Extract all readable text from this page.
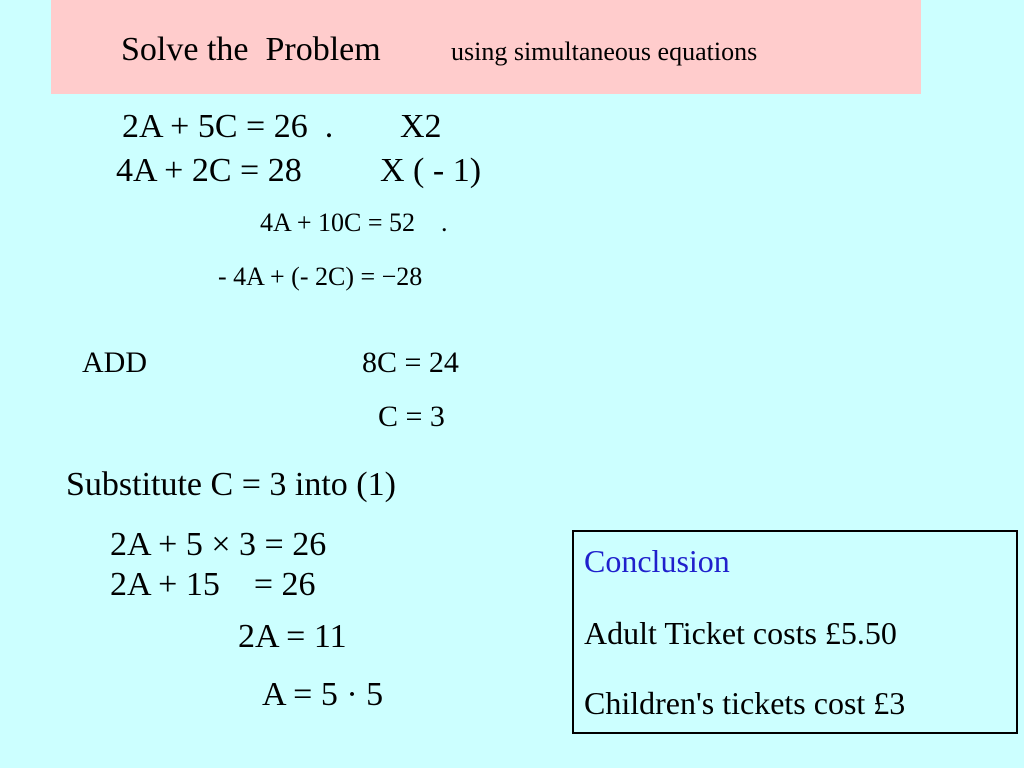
Solve the  Problem	using simultaneous equations
2A + 5C = 26  . X2
4A + 2C = 28 X ( - 1)
4A + 10C = 52    .
- 4A + (- 2C) = −28
ADD	8C = 24
C = 3
Substitute C = 3 into (1)
2A + 5 × 3 = 26
2A + 15    = 26
2A = 11
A = 5 · 5
Conclusion
Adult Ticket costs £5.50
Children's tickets cost £3
